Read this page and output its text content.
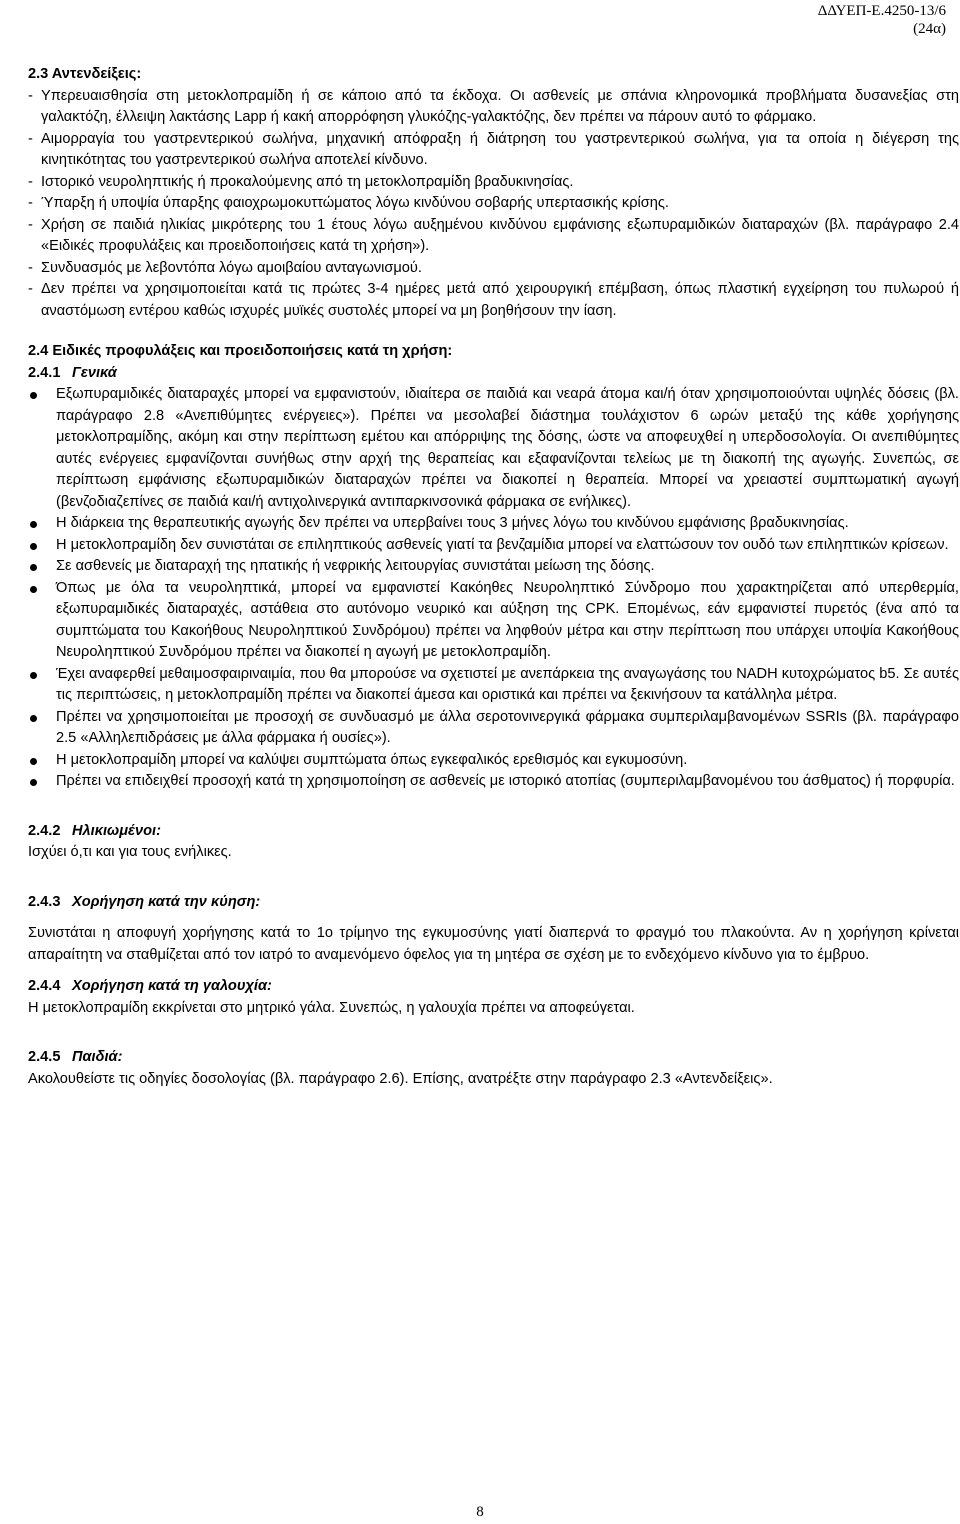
ΔΔΥΕΠ-Ε.4250-13/6
(24α)
2.3 Αντενδείξεις:
- Υπερευαισθησία στη μετοκλοπραμίδη ή σε κάποιο από τα έκδοχα. Οι ασθενείς με σπάνια κληρονομικά προβλήματα δυσανεξίας στη γαλακτόζη, έλλειψη λακτάσης Lapp ή κακή απορρόφηση γλυκόζης-γαλακτόζης, δεν πρέπει να πάρουν αυτό το φάρμακο.
- Αιμορραγία του γαστρεντερικού σωλήνα, μηχανική απόφραξη ή διάτρηση του γαστρεντερικού σωλήνα, για τα οποία η διέγερση της κινητικότητας του γαστρεντερικού σωλήνα αποτελεί κίνδυνο.
- Ιστορικό νευροληπτικής ή προκαλούμενης από τη μετοκλοπραμίδη βραδυκινησίας.
- Ύπαρξη ή υποψία ύπαρξης φαιοχρωμοκυττώματος λόγω κινδύνου σοβαρής υπερτασικής κρίσης.
- Χρήση σε παιδιά ηλικίας μικρότερης του 1 έτους λόγω αυξημένου κινδύνου εμφάνισης εξωπυραμιδικών διαταραχών (βλ. παράγραφο 2.4 «Ειδικές προφυλάξεις και προειδοποιήσεις κατά τη χρήση»).
- Συνδυασμός με λεβοντόπα λόγω αμοιβαίου ανταγωνισμού.
- Δεν πρέπει να χρησιμοποιείται κατά τις πρώτες 3-4 ημέρες μετά από χειρουργική επέμβαση, όπως πλαστική εγχείρηση του πυλωρού ή αναστόμωση εντέρου καθώς ισχυρές μυϊκές συστολές μπορεί να μη βοηθήσουν την ίαση.
2.4 Ειδικές προφυλάξεις και προειδοποιήσεις κατά τη χρήση:
2.4.1 Γενικά
Εξωπυραμιδικές διαταραχές μπορεί να εμφανιστούν, ιδιαίτερα σε παιδιά και νεαρά άτομα και/ή όταν χρησιμοποιούνται υψηλές δόσεις (βλ. παράγραφο 2.8 «Ανεπιθύμητες ενέργειες»). Πρέπει να μεσολαβεί διάστημα τουλάχιστον 6 ωρών μεταξύ της κάθε χορήγησης μετοκλοπραμίδης, ακόμη και στην περίπτωση εμέτου και απόρριψης της δόσης, ώστε να αποφευχθεί η υπερδοσολογία. Οι ανεπιθύμητες αυτές ενέργειες εμφανίζονται συνήθως στην αρχή της θεραπείας και εξαφανίζονται τελείως με τη διακοπή της αγωγής. Συνεπώς, σε περίπτωση εμφάνισης εξωπυραμιδικών διαταραχών πρέπει να διακοπεί η θεραπεία. Μπορεί να χρειαστεί συμπτωματική αγωγή (βενζοδιαζεπίνες σε παιδιά και/ή αντιχολινεργικά αντιπαρκινσονικά φάρμακα σε ενήλικες).
Η διάρκεια της θεραπευτικής αγωγής δεν πρέπει να υπερβαίνει τους 3 μήνες λόγω του κινδύνου εμφάνισης βραδυκινησίας.
Η μετοκλοπραμίδη δεν συνιστάται σε επιληπτικούς ασθενείς γιατί τα βενζαμίδια μπορεί να ελαττώσουν τον ουδό των επιληπτικών κρίσεων.
Σε ασθενείς με διαταραχή της ηπατικής ή νεφρικής λειτουργίας συνιστάται μείωση της δόσης.
Όπως με όλα τα νευροληπτικά, μπορεί να εμφανιστεί Κακόηθες Νευροληπτικό Σύνδρομο που χαρακτηρίζεται από υπερθερμία, εξωπυραμιδικές διαταραχές, αστάθεια στο αυτόνομο νευρικό και αύξηση της CPK. Επομένως, εάν εμφανιστεί πυρετός (ένα από τα συμπτώματα του Κακοήθους Νευροληπτικού Συνδρόμου) πρέπει να ληφθούν μέτρα και στην περίπτωση που υπάρχει υποψία Κακοήθους Νευροληπτικού Συνδρόμου πρέπει να διακοπεί η αγωγή με μετοκλοπραμίδη.
Έχει αναφερθεί μεθαιμοσφαιριναιμία, που θα μπορούσε να σχετιστεί με ανεπάρκεια της αναγωγάσης του NADH κυτοχρώματος b5. Σε αυτές τις περιπτώσεις, η μετοκλοπραμίδη πρέπει να διακοπεί άμεσα και οριστικά και πρέπει να ξεκινήσουν τα κατάλληλα μέτρα.
Πρέπει να χρησιμοποιείται με προσοχή σε συνδυασμό με άλλα σεροτονινεργικά φάρμακα συμπεριλαμβανομένων SSRIs (βλ. παράγραφο 2.5 «Αλληλεπιδράσεις με άλλα φάρμακα ή ουσίες»).
Η μετοκλοπραμίδη μπορεί να καλύψει συμπτώματα όπως εγκεφαλικός ερεθισμός και εγκυμοσύνη.
Πρέπει να επιδειχθεί προσοχή κατά τη χρησιμοποίηση σε ασθενείς με ιστορικό ατοπίας (συμπεριλαμβανομένου του άσθματος) ή πορφυρία.
2.4.2 Ηλικιωμένοι:
Ισχύει ό,τι και για τους ενήλικες.
2.4.3 Χορήγηση κατά την κύηση:
Συνιστάται η αποφυγή χορήγησης κατά το 1ο τρίμηνο της εγκυμοσύνης γιατί διαπερνά το φραγμό του πλακούντα. Αν η χορήγηση κρίνεται απαραίτητη να σταθμίζεται από τον ιατρό το αναμενόμενο όφελος για τη μητέρα σε σχέση με το ενδεχόμενο κίνδυνο για το έμβρυο.
2.4.4 Χορήγηση κατά τη γαλουχία:
Η μετοκλοπραμίδη εκκρίνεται στο μητρικό γάλα. Συνεπώς, η γαλουχία πρέπει να αποφεύγεται.
2.4.5 Παιδιά:
Ακολουθείστε τις οδηγίες δοσολογίας (βλ. παράγραφο 2.6). Επίσης, ανατρέξτε στην παράγραφο 2.3 «Αντενδείξεις».
8
